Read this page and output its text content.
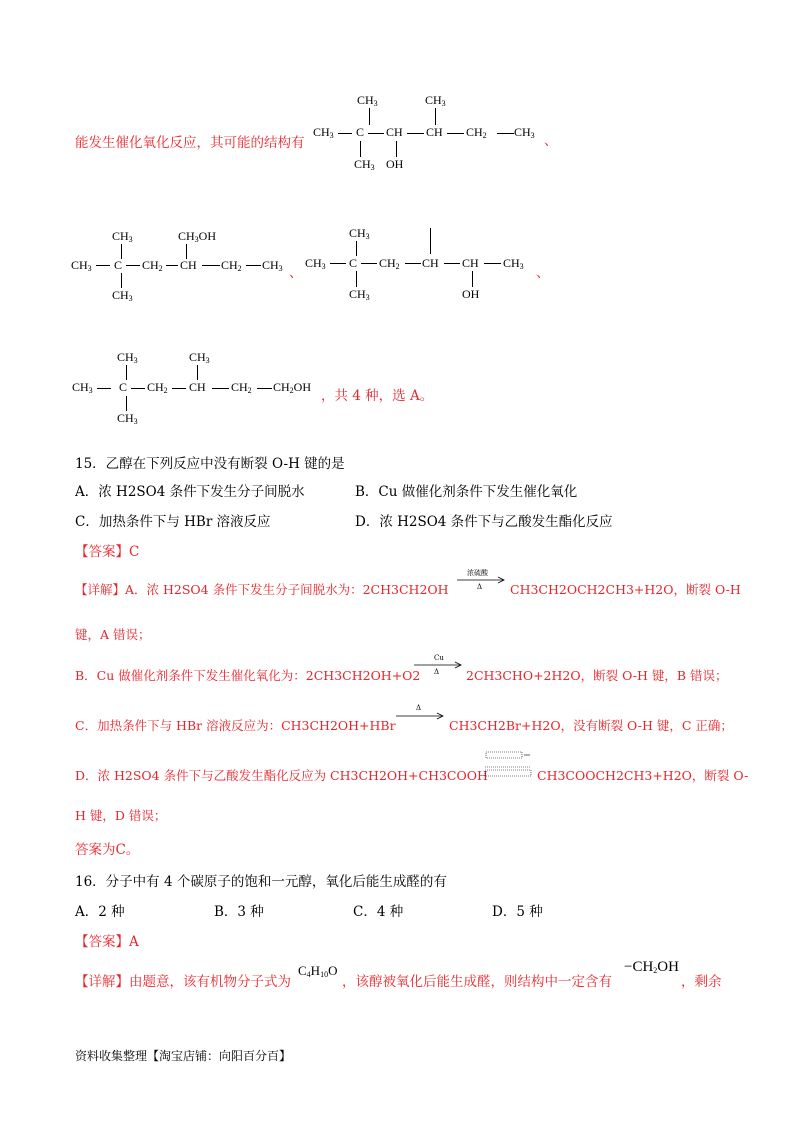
能发生催化氧化反应，其可能的结构有
$CH_3$	$CH_3$
$CH_3$ C CH CH $CH_2$ $CH_3$
$CH_3$ OH
、
$CH_3$	$CH_3OH$
$CH_3$ C $CH_2$ CH $CH_2$ $CH_3$
$CH_3$
、
$CH_3$
$CH_3$ C $CH_2$ CH CH $CH_3$
$CH_3$	OH
、
$CH_3$	$CH_3$
$CH_3$ C $CH_2$ CH $CH_2$ $CH_2OH$
$CH_3$
，共 4 种，选 A。
15．乙醇在下列反应中没有断裂 O-H 键的是
A．浓 H2SO4 条件下发生分子间脱水	B．Cu 做催化剂条件下发生催化氧化
C．加热条件下与 HBr 溶液反应	D．浓 H2SO4 条件下与乙酸发生酯化反应
【答案】C
【详解】A．浓 H2SO4 条件下发生分子间脱水为：2CH3CH2OH
浓硫酸
Δ CH3CH2OCH2CH3+H2O，断裂 O-H
键，A 错误；
B．Cu 做催化剂条件下发生催化氧化为：2CH3CH2OH+O2
Cu
Δ 2CH3CHO+2H2O，断裂 O-H 键，B 错误；
C．加热条件下与 HBr 溶液反应为：CH3CH2OH+HBr
Δ
CH3CH2Br+H2O，没有断裂 O-H 键，C 正确；
D．浓 H2SO4 条件下与乙酸发生酯化反应为 CH3CH2OH+CH3COOH	CH3COOCH2CH3+H2O，断裂 O-
H 键，D 错误；
答案为C。
16．分子中有 4 个碳原子的饱和一元醇，氧化后能生成醛的有
A．2 种	B．3 种	C．4 种	D．5 种
【答案】A
【详解】由题意，该有机物分子式为
$C_4H_{10}O$
，该醇被氧化后能生成醛，则结构中一定含有
$-CH_2OH$
，剩余
资料收集整理【淘宝店铺：向阳百分百】
